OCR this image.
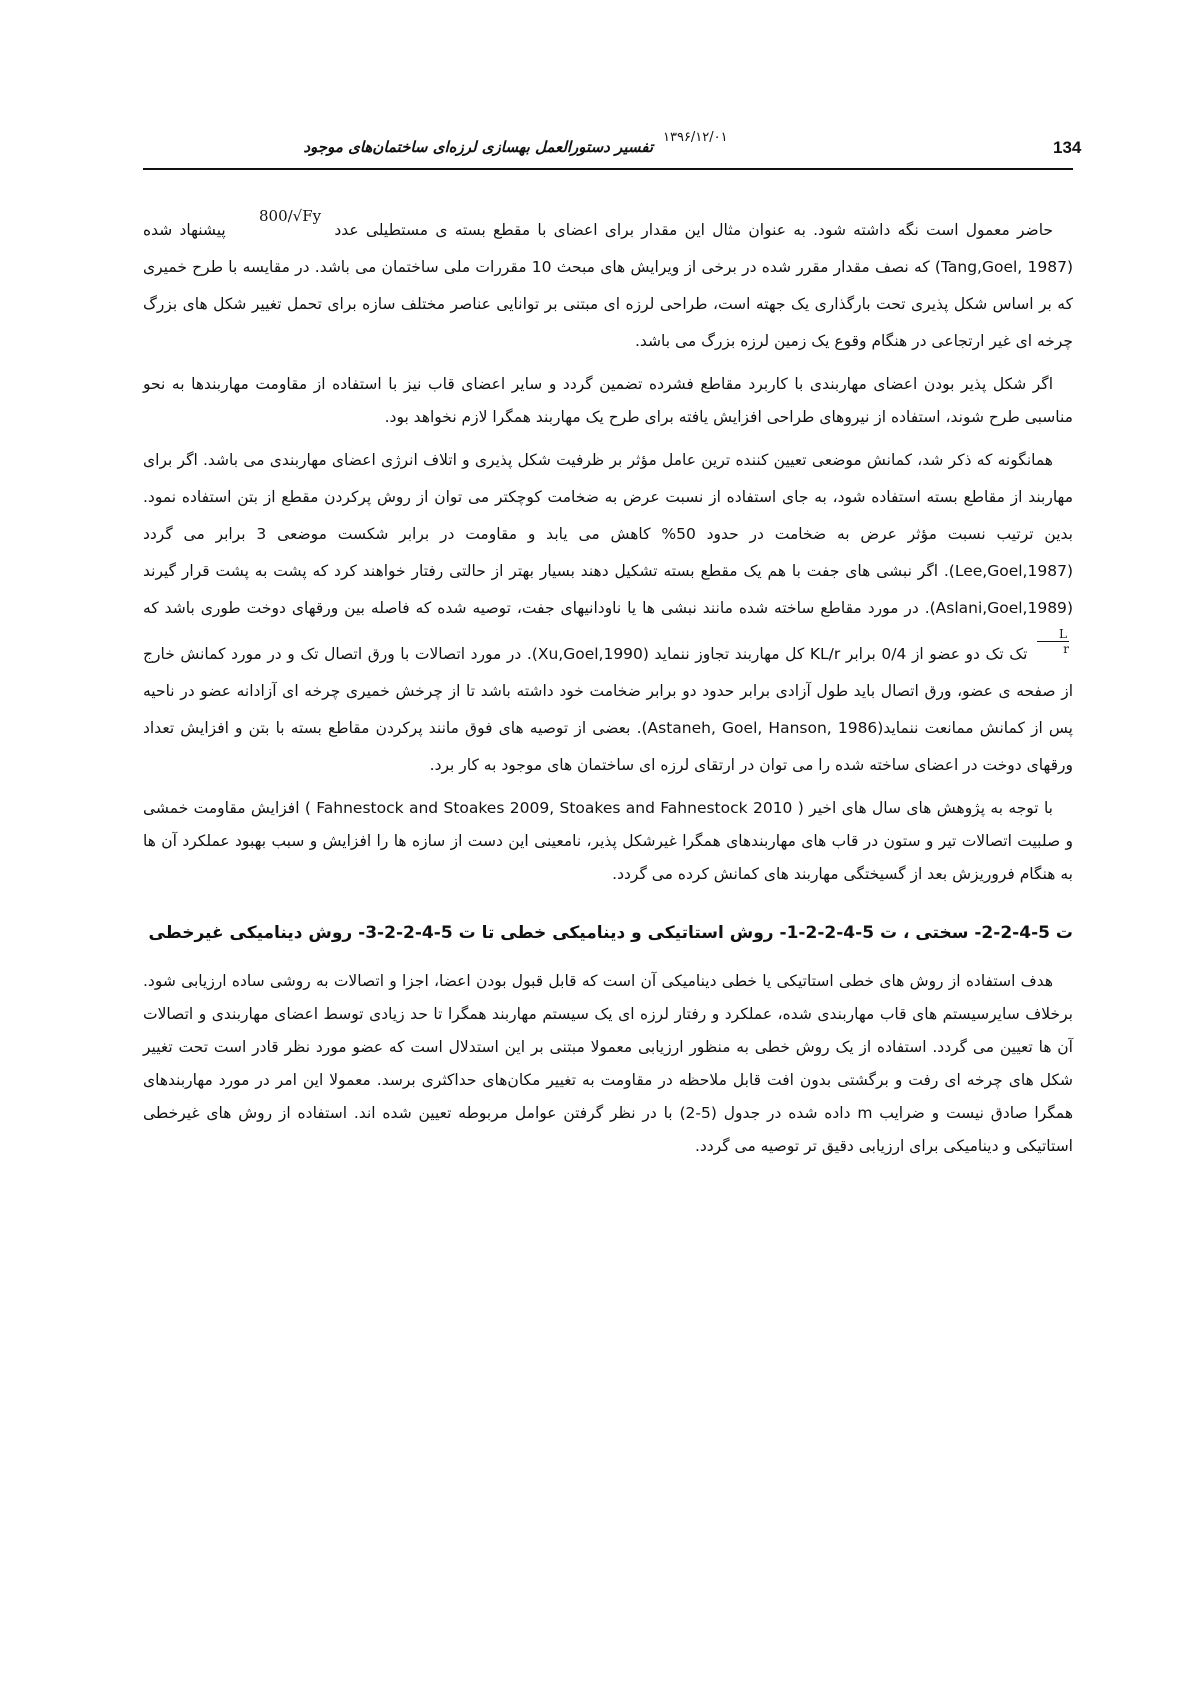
134
۱۳۹۶/۱۲/۰۱
تفسیر دستورالعمل بهسازی لرزه‌ای ساختمان‌های موجود

حاضر معمول است نگه داشته شود. به عنوان مثال این مقدار برای اعضای با مقطع بسته ی مستطیلی عدد 800/√Fy پیشنهاد شده (Tang,Goel, 1987) که نصف مقدار مقرر شده در برخی از ویرایش های مبحث 10 مقررات ملی ساختمان می باشد. در مقایسه با طرح خمیری که بر اساس شکل پذیری تحت بارگذاری یک جهته است، طراحی لرزه ای مبتنی بر توانایی عناصر مختلف سازه برای تحمل تغییر شکل های بزرگ چرخه ای غیر ارتجاعی در هنگام وقوع یک زمین لرزه بزرگ می باشد.

اگر شکل پذیر بودن اعضای مهاربندی با کاربرد مقاطع فشرده تضمین گردد و سایر اعضای قاب نیز با استفاده از مقاومت مهاربندها به نحو مناسبی طرح شوند، استفاده از نیروهای طراحی افزایش یافته برای طرح یک مهاربند همگرا لازم نخواهد بود.

همانگونه که ذکر شد، کمانش موضعی تعیین کننده ترین عامل مؤثر بر ظرفیت شکل پذیری و اتلاف انرژی اعضای مهاربندی می باشد. اگر برای مهاربند از مقاطع بسته استفاده شود، به جای استفاده از نسبت عرض به ضخامت کوچکتر می توان از روش پرکردن مقطع از بتن استفاده نمود. بدین ترتیب نسبت مؤثر عرض به ضخامت در حدود 50% کاهش می یابد و مقاومت در برابر شکست موضعی 3 برابر می گردد (Lee,Goel,1987). اگر نبشی های جفت با هم یک مقطع بسته تشکیل دهند بسیار بهتر از حالتی رفتار خواهند کرد که پشت به پشت قرار گیرند (Aslani,Goel,1989). در مورد مقاطع ساخته شده مانند نبشی ها یا ناودانیهای جفت، توصیه شده که فاصله بین ورقهای دوخت طوری باشد که
$\frac{L}{r}$
تک تک دو عضو از 0/4 برابر KL/r کل مهاربند تجاوز ننماید (Xu,Goel,1990). در مورد اتصالات با ورق اتصال تک و در مورد کمانش خارج از صفحه ی عضو، ورق اتصال باید طول آزادی برابر حدود دو برابر ضخامت خود داشته باشد تا از چرخش خمیری چرخه ای آزادانه عضو در ناحیه پس از کمانش ممانعت ننماید(Astaneh, Goel, Hanson, 1986). بعضی از توصیه های فوق مانند پرکردن مقاطع بسته با بتن و افزایش تعداد ورقهای دوخت در اعضای ساخته شده را می توان در ارتقای لرزه ای ساختمان های موجود به کار برد.

با توجه به پژوهش های سال های اخیر ( Fahnestock and Stoakes 2009, Stoakes and Fahnestock 2010 ) افزایش مقاومت خمشی و صلبیت اتصالات تیر و ستون در قاب های مهاربندهای همگرا غیرشکل پذیر، نامعینی این دست از سازه ها را افزایش و سبب بهبود عملکرد آن ها به هنگام فروریزش بعد از گسیختگی مهاربند های کمانش کرده می گردد.

ت 5-4-2-2- سختی ، ت 5-4-2-2-1- روش استاتیکی و دینامیکی خطی تا ت 5-4-2-2-3- روش دینامیکی غیرخطی

هدف استفاده از روش های خطی استاتیکی یا خطی دینامیکی آن است که قابل قبول بودن اعضا، اجزا و اتصالات به روشی ساده ارزیابی شود. برخلاف سایرسیستم های قاب مهاربندی شده، عملکرد و رفتار لرزه ای یک سیستم مهاربند همگرا تا حد زیادی توسط اعضای مهاربندی و اتصالات آن ها تعیین می گردد. استفاده از یک روش خطی به منظور ارزیابی معمولا مبتنی بر این استدلال است که عضو مورد نظر قادر است تحت تغییر شکل های چرخه ای رفت و برگشتی بدون افت قابل ملاحظه در مقاومت به تغییر مکان‌های حداکثری برسد. معمولا این امر در مورد مهاربندهای همگرا صادق نیست و ضرایب m داده شده در جدول (5-2) با در نظر گرفتن عوامل مربوطه تعیین شده اند. استفاده از روش های غیرخطی استاتیکی و دینامیکی برای ارزیابی دقیق تر توصیه می گردد.
